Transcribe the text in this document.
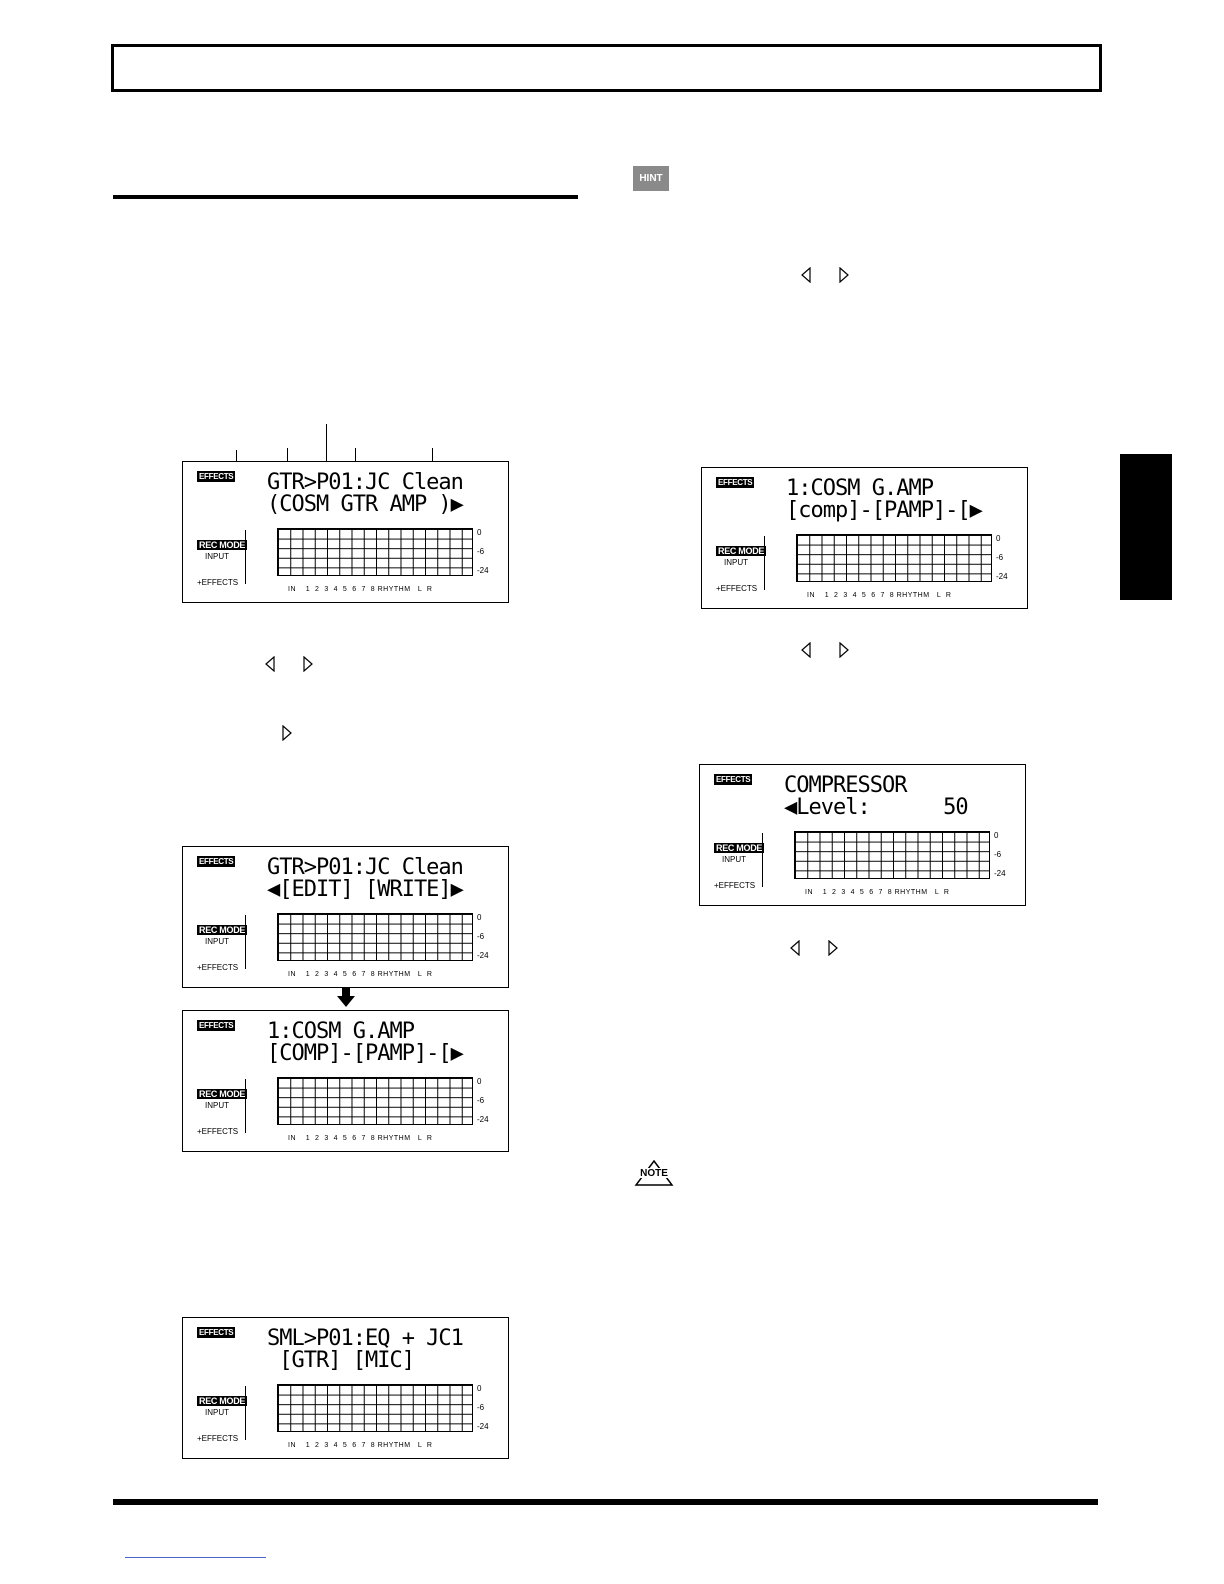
HINT
NOTE
EFFECTS GTR>P01:JC Clean
(COSM GTR AMP )▶
REC MODE
INPUT
+EFFECTS
0
-6
-24
IN    1  2  3  4  5  6  7  8 RHYTHM   L  R
EFFECTS GTR>P01:JC Clean
◀[EDIT] [WRITE]▶
REC MODE
INPUT
+EFFECTS
0
-6
-24
IN    1  2  3  4  5  6  7  8 RHYTHM   L  R
EFFECTS 1:COSM G.AMP
[COMP]-[PAMP]-[▶
REC MODE
INPUT
+EFFECTS
0
-6
-24
IN    1  2  3  4  5  6  7  8 RHYTHM   L  R
EFFECTS SML>P01:EQ + JC1
[GTR] [MIC]
REC MODE
INPUT
+EFFECTS
0
-6
-24
IN    1  2  3  4  5  6  7  8 RHYTHM   L  R
EFFECTS 1:COSM G.AMP
[comp]-[PAMP]-[▶
REC MODE
INPUT
+EFFECTS
0
-6
-24
IN    1  2  3  4  5  6  7  8 RHYTHM   L  R
EFFECTS COMPRESSOR
◀Level:      50
REC MODE
INPUT
+EFFECTS
0
-6
-24
IN    1  2  3  4  5  6  7  8 RHYTHM   L  R
